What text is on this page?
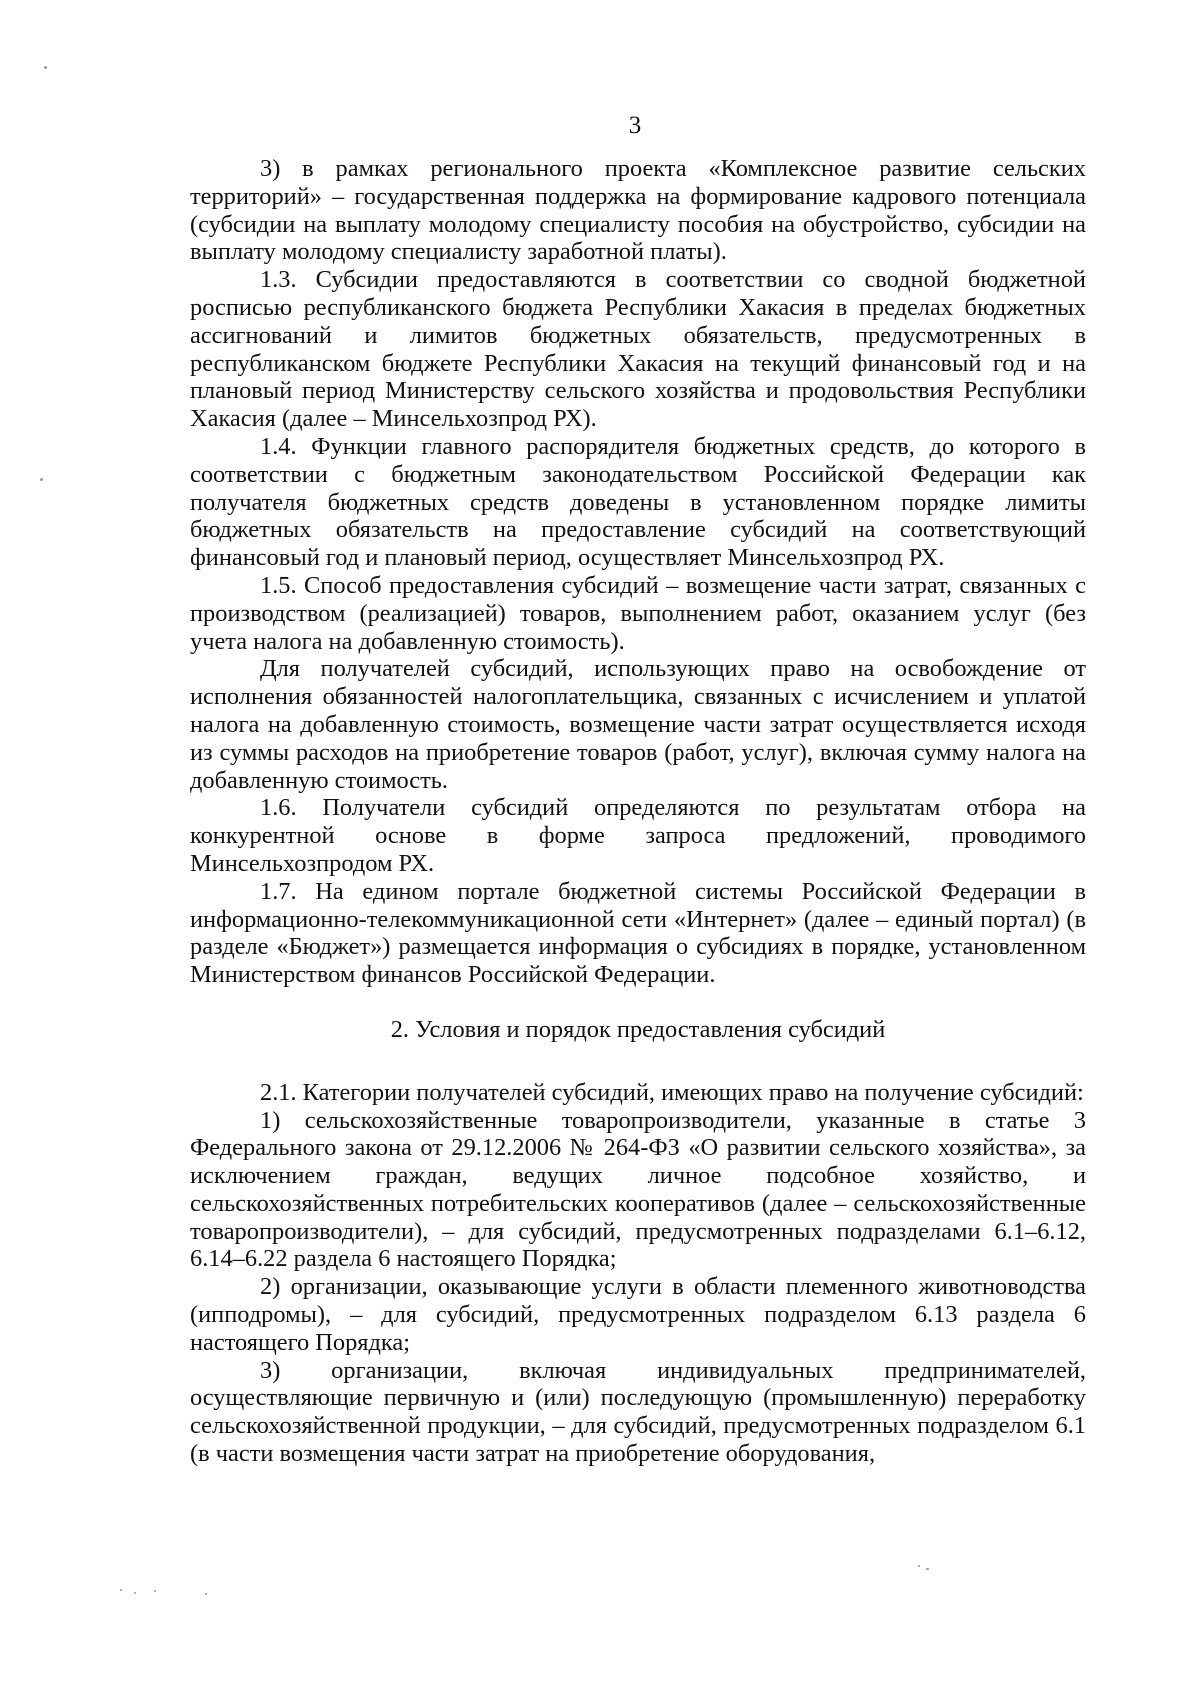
3

3) в рамках регионального проекта «Комплексное развитие сельских территорий» – государственная поддержка на формирование кадрового потенциала (субсидии на выплату молодому специалисту пособия на обустройство, субсидии на выплату молодому специалисту заработной платы).

1.3. Субсидии предоставляются в соответствии со сводной бюджетной росписью республиканского бюджета Республики Хакасия в пределах бюджетных ассигнований и лимитов бюджетных обязательств, предусмотренных в республиканском бюджете Республики Хакасия на текущий финансовый год и на плановый период Министерству сельского хозяйства и продовольствия Республики Хакасия (далее – Минсельхозпрод РХ).

1.4. Функции главного распорядителя бюджетных средств, до которого в соответствии с бюджетным законодательством Российской Федерации как получателя бюджетных средств доведены в установленном порядке лимиты бюджетных обязательств на предоставление субсидий на соответствующий финансовый год и плановый период, осуществляет Минсельхозпрод РХ.

1.5. Способ предоставления субсидий – возмещение части затрат, связанных с производством (реализацией) товаров, выполнением работ, оказанием услуг (без учета налога на добавленную стоимость).

Для получателей субсидий, использующих право на освобождение от исполнения обязанностей налогоплательщика, связанных с исчислением и уплатой налога на добавленную стоимость, возмещение части затрат осуществляется исходя из суммы расходов на приобретение товаров (работ, услуг), включая сумму налога на добавленную стоимость.

1.6. Получатели субсидий определяются по результатам отбора на конкурентной основе в форме запроса предложений, проводимого Минсельхозпродом РХ.

1.7. На едином портале бюджетной системы Российской Федерации в информационно-телекоммуникационной сети «Интернет» (далее – единый портал) (в разделе «Бюджет») размещается информация о субсидиях в порядке, установленном Министерством финансов Российской Федерации.

2. Условия и порядок предоставления субсидий

2.1. Категории получателей субсидий, имеющих право на получение субсидий:

1) сельскохозяйственные товаропроизводители, указанные в статье 3 Федерального закона от 29.12.2006 № 264-ФЗ «О развитии сельского хозяйства», за исключением граждан, ведущих личное подсобное хозяйство, и сельскохозяйственных потребительских кооперативов (далее – сельскохозяйственные товаропроизводители), – для субсидий, предусмотренных подразделами 6.1–6.12, 6.14–6.22 раздела 6 настоящего Порядка;

2) организации, оказывающие услуги в области племенного животноводства (ипподромы), – для субсидий, предусмотренных подразделом 6.13 раздела 6 настоящего Порядка;

3) организации, включая индивидуальных предпринимателей, осуществляющие первичную и (или) последующую (промышленную) переработку сельскохозяйственной продукции, – для субсидий, предусмотренных подразделом 6.1 (в части возмещения части затрат на приобретение оборудования,
